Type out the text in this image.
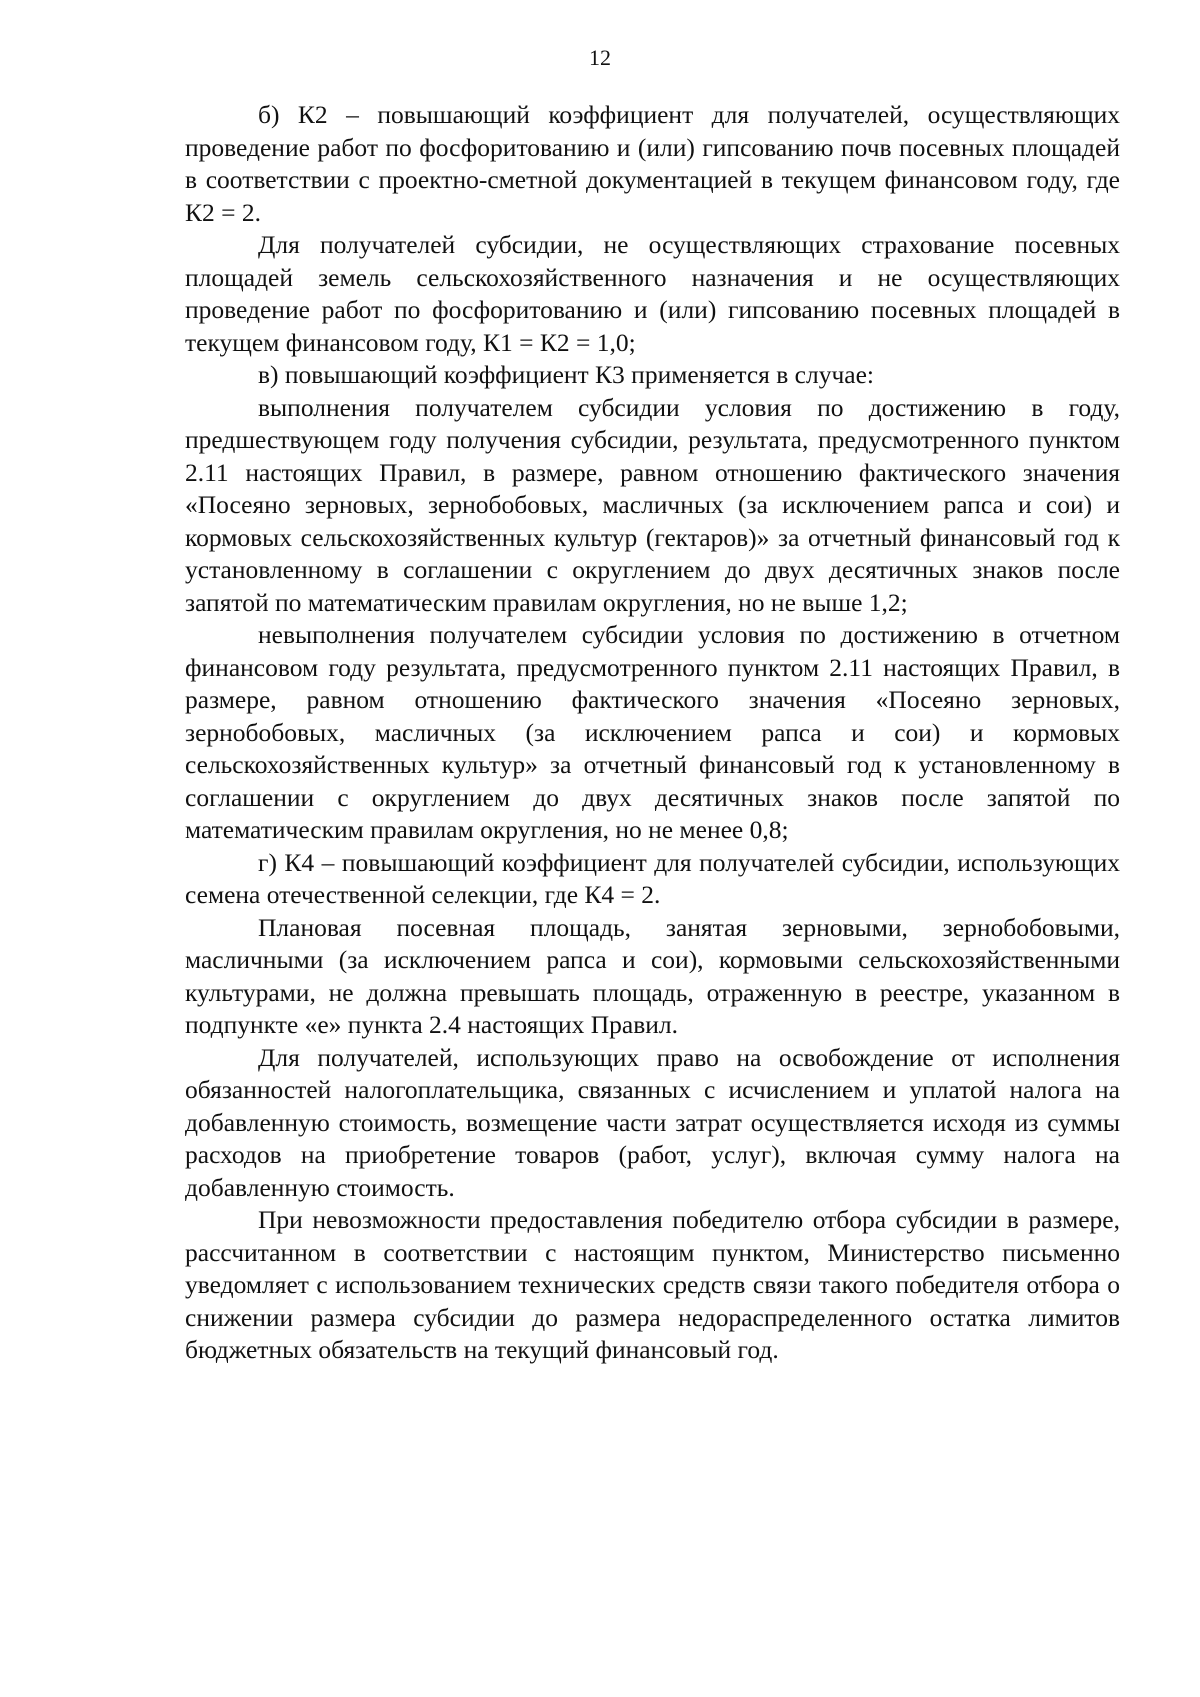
12

б) К2 – повышающий коэффициент для получателей, осуществляющих проведение работ по фосфоритованию и (или) гипсованию почв посевных площадей в соответствии с проектно-сметной документацией в текущем финансовом году, где К2 = 2.

Для получателей субсидии, не осуществляющих страхование посевных площадей земель сельскохозяйственного назначения и не осуществляющих проведение работ по фосфоритованию и (или) гипсованию посевных площадей в текущем финансовом году, К1 = К2 = 1,0;

в) повышающий коэффициент К3 применяется в случае:

выполнения получателем субсидии условия по достижению в году, предшествующем году получения субсидии, результата, предусмотренного пунктом 2.11 настоящих Правил, в размере, равном отношению фактического значения «Посеяно зерновых, зернобобовых, масличных (за исключением рапса и сои) и кормовых сельскохозяйственных культур (гектаров)» за отчетный финансовый год к установленному в соглашении с округлением до двух десятичных знаков после запятой по математическим правилам округления, но не выше 1,2;

невыполнения получателем субсидии условия по достижению в отчетном финансовом году результата, предусмотренного пунктом 2.11 настоящих Правил, в размере, равном отношению фактического значения «Посеяно зерновых, зернобобовых, масличных (за исключением рапса и сои) и кормовых сельскохозяйственных культур» за отчетный финансовый год к установленному в соглашении с округлением до двух десятичных знаков после запятой по математическим правилам округления, но не менее 0,8;

г) К4 – повышающий коэффициент для получателей субсидии, использующих семена отечественной селекции, где К4 = 2.

Плановая посевная площадь, занятая зерновыми, зернобобовыми, масличными (за исключением рапса и сои), кормовыми сельскохозяйственными культурами, не должна превышать площадь, отраженную в реестре, указанном в подпункте «е» пункта 2.4 настоящих Правил.

Для получателей, использующих право на освобождение от исполнения обязанностей налогоплательщика, связанных с исчислением и уплатой налога на добавленную стоимость, возмещение части затрат осуществляется исходя из суммы расходов на приобретение товаров (работ, услуг), включая сумму налога на добавленную стоимость.

При невозможности предоставления победителю отбора субсидии в размере, рассчитанном в соответствии с настоящим пунктом, Министерство письменно уведомляет с использованием технических средств связи такого победителя отбора о снижении размера субсидии до размера недораспределенного остатка лимитов бюджетных обязательств на текущий финансовый год.
